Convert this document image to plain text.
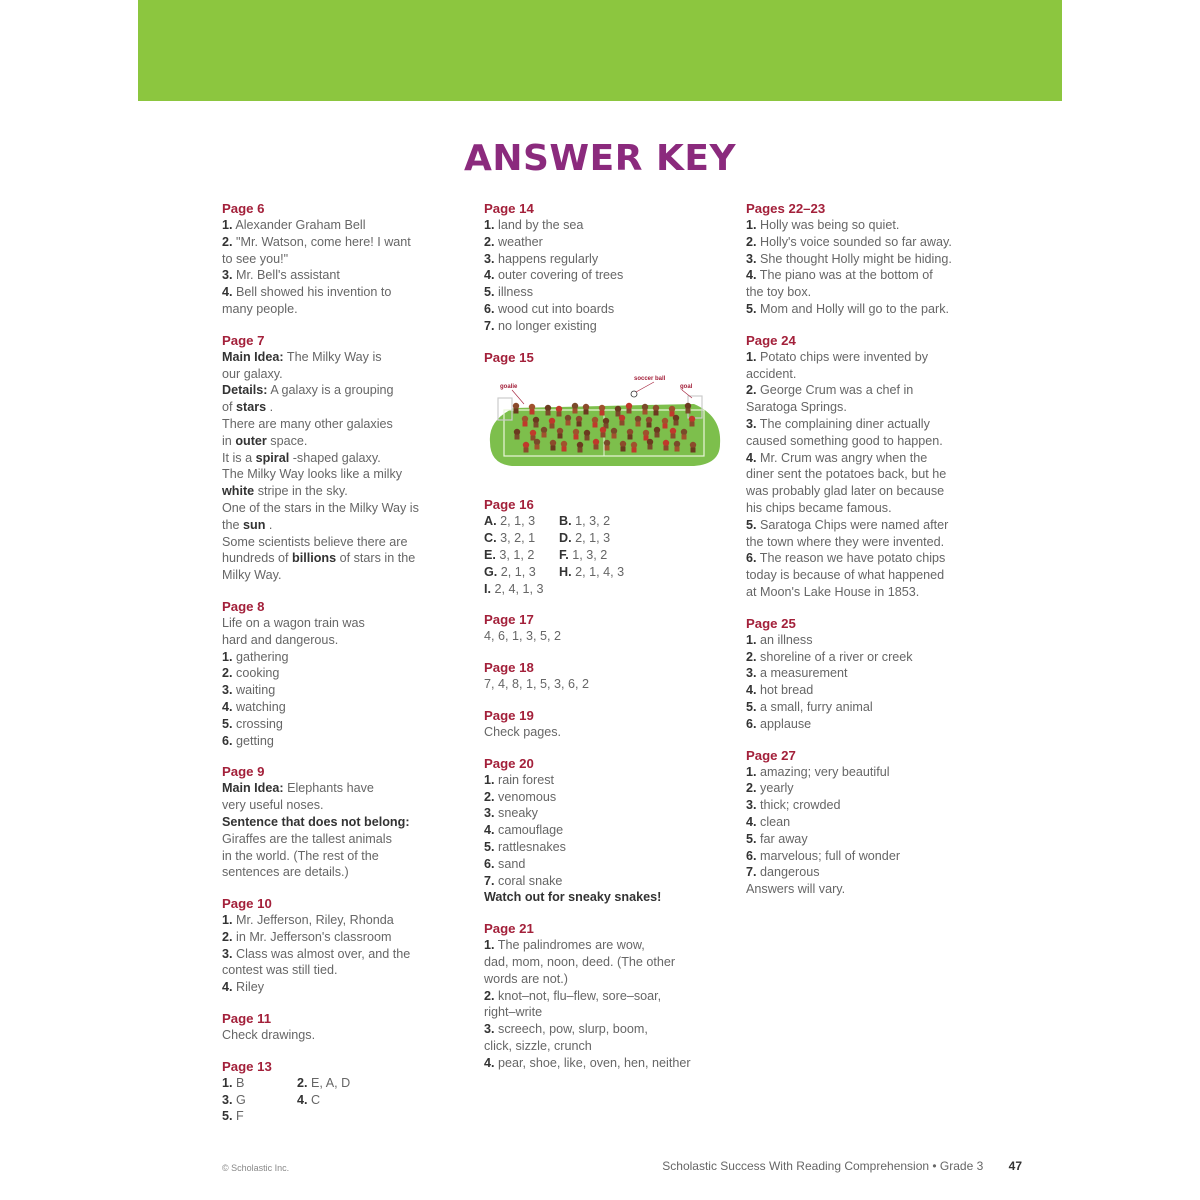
ANSWER KEY
Page 6
1. Alexander Graham Bell
2. "Mr. Watson, come here! I want
to see you!"
3. Mr. Bell's assistant
4. Bell showed his invention to
many people.
Page 7
Main Idea: The Milky Way is
our galaxy.
Details: A galaxy is a grouping
of stars .
There are many other galaxies
in outer space.
It is a spiral -shaped galaxy.
The Milky Way looks like a milky
white stripe in the sky.
One of the stars in the Milky Way is
the sun .
Some scientists believe there are
hundreds of billions of stars in the
Milky Way.
Page 8
Life on a wagon train was
hard and dangerous.
1. gathering
2. cooking
3. waiting
4. watching
5. crossing
6. getting
Page 9
Main Idea: Elephants have
very useful noses.
Sentence that does not belong:
Giraffes are the tallest animals
in the world. (The rest of the
sentences are details.)
Page 10
1. Mr. Jefferson, Riley, Rhonda
2. in Mr. Jefferson's classroom
3. Class was almost over, and the
contest was still tied.
4. Riley
Page 11
Check drawings.
Page 13
1. B	2. E, A, D
3. G	4. C
5. F
Page 14
1. land by the sea
2. weather
3. happens regularly
4. outer covering of trees
5. illness
6. wood cut into boards
7. no longer existing
Page 15
goalie
soccer ball
goal
Page 16
A. 2, 1, 3	B. 1, 3, 2
C. 3, 2, 1	D. 2, 1, 3
E. 3, 1, 2	F. 1, 3, 2
G. 2, 1, 3	H. 2, 1, 4, 3
I. 2, 4, 1, 3
Page 17
4, 6, 1, 3, 5, 2
Page 18
7, 4, 8, 1, 5, 3, 6, 2
Page 19
Check pages.
Page 20
1. rain forest
2. venomous
3. sneaky
4. camouflage
5. rattlesnakes
6. sand
7. coral snake
Watch out for sneaky snakes!
Page 21
1. The palindromes are wow,
dad, mom, noon, deed. (The other
words are not.)
2. knot–not, flu–flew, sore–soar,
right–write
3. screech, pow, slurp, boom,
click, sizzle, crunch
4. pear, shoe, like, oven, hen, neither
Pages 22–23
1. Holly was being so quiet.
2. Holly's voice sounded so far away.
3. She thought Holly might be hiding.
4. The piano was at the bottom of
the toy box.
5. Mom and Holly will go to the park.
Page 24
1. Potato chips were invented by
accident.
2. George Crum was a chef in
Saratoga Springs.
3. The complaining diner actually
caused something good to happen.
4. Mr. Crum was angry when the
diner sent the potatoes back, but he
was probably glad later on because
his chips became famous.
5. Saratoga Chips were named after
the town where they were invented.
6. The reason we have potato chips
today is because of what happened
at Moon's Lake House in 1853.
Page 25
1. an illness
2. shoreline of a river or creek
3. a measurement
4. hot bread
5. a small, furry animal
6. applause
Page 27
1. amazing; very beautiful
2. yearly
3. thick; crowded
4. clean
5. far away
6. marvelous; full of wonder
7. dangerous
Answers will vary.
© Scholastic Inc.	Scholastic Success With Reading Comprehension • Grade 3 47
